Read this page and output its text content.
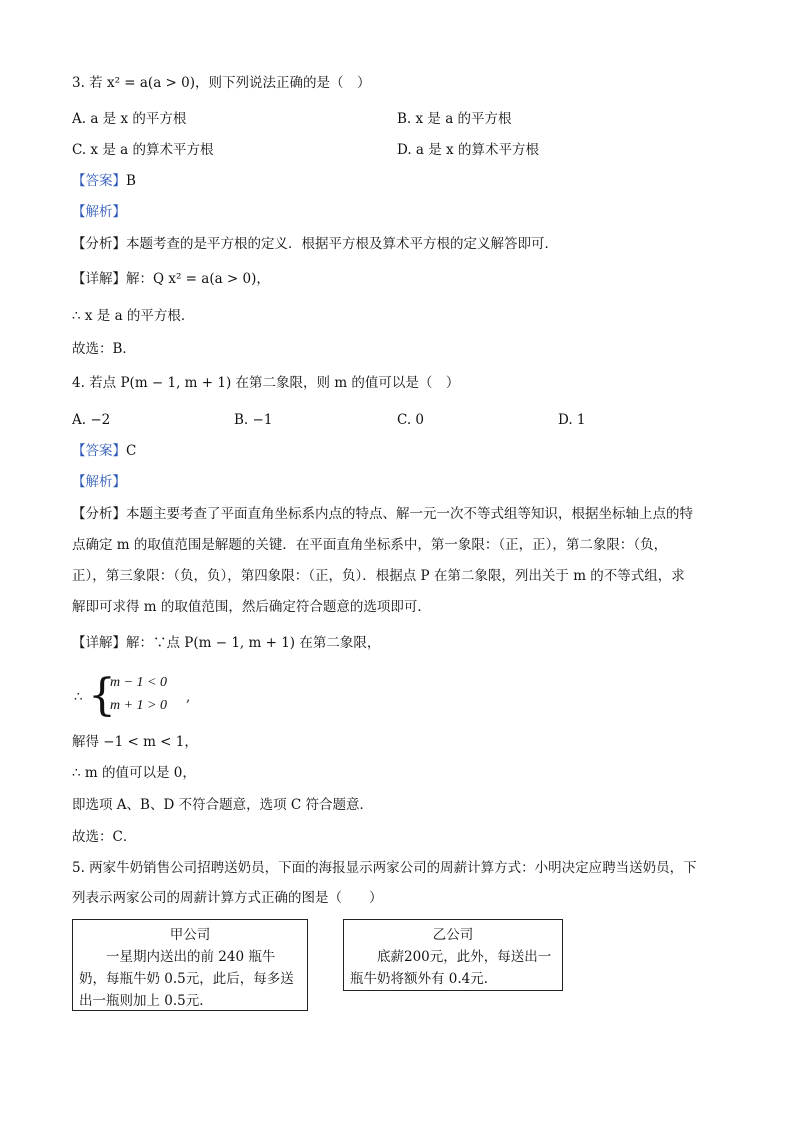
3. 若 x² = a(a > 0)，则下列说法正确的是（　）
A. a 是 x 的平方根	B. x 是 a 的平方根
C. x 是 a 的算术平方根	D. a 是 x 的算术平方根
【答案】B
【解析】
【分析】本题考查的是平方根的定义．根据平方根及算术平方根的定义解答即可．
【详解】解：Q x² = a(a > 0)，
∴ x 是 a 的平方根．
故选：B．
4. 若点 P(m − 1, m + 1) 在第二象限，则 m 的值可以是（　）
A. −2	B. −1	C. 0	D. 1
【答案】C
【解析】
【分析】本题主要考查了平面直角坐标系内点的特点、解一元一次不等式组等知识，根据坐标轴上点的特
点确定 m 的取值范围是解题的关键．在平面直角坐标系中，第一象限：（正，正），第二象限：（负，
正），第三象限：（负，负），第四象限：（正，负）．根据点 P 在第二象限，列出关于 m 的不等式组，求
解即可求得 m 的取值范围，然后确定符合题意的选项即可．
【详解】解：∵点 P(m − 1, m + 1) 在第二象限，
∴ {
m − 1 < 0
m + 1 > 0
,
解得 −1 < m < 1，
∴ m 的值可以是 0，
即选项 A、B、D 不符合题意，选项 C 符合题意．
故选：C．
5. 两家牛奶销售公司招聘送奶员，下面的海报显示两家公司的周薪计算方式：小明决定应聘当送奶员，下
列表示两家公司的周薪计算方式正确的图是（　　）
甲公司
一星期内送出的前 240 瓶牛奶，每瓶牛奶 0.5元，此后，每多送出一瓶则加上 0.5元.
乙公司
底薪200元，此外，每送出一瓶牛奶将额外有 0.4元.
